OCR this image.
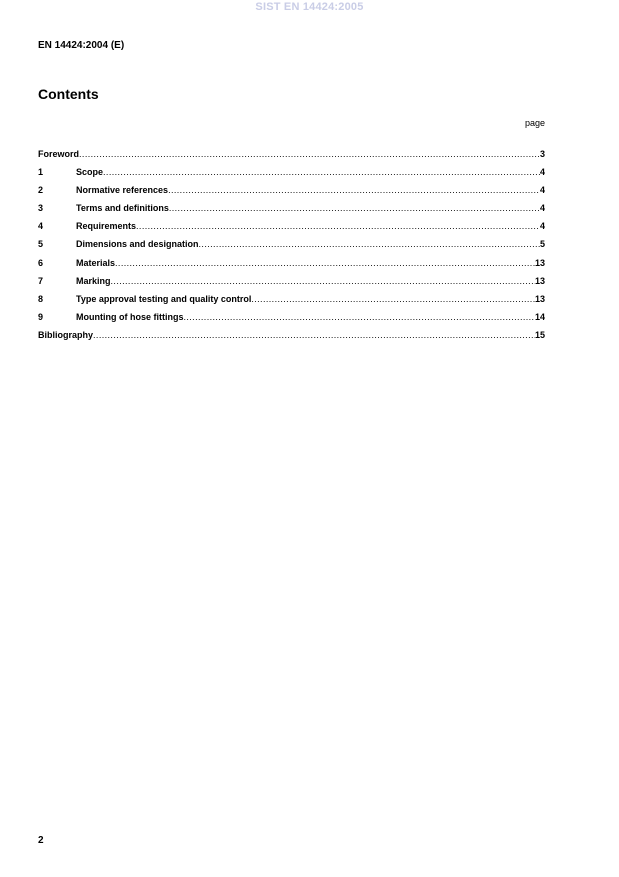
SIST EN 14424:2005
EN 14424:2004 (E)
Contents
page
Foreword .....	3
1	Scope .....	4
2	Normative references .....	4
3	Terms and definitions .....	4
4	Requirements .....	4
5	Dimensions and designation .....	5
6	Materials .....	13
7	Marking .....	13
8	Type approval testing and quality control .....	13
9	Mounting of hose fittings .....	14
Bibliography .....	15
2
